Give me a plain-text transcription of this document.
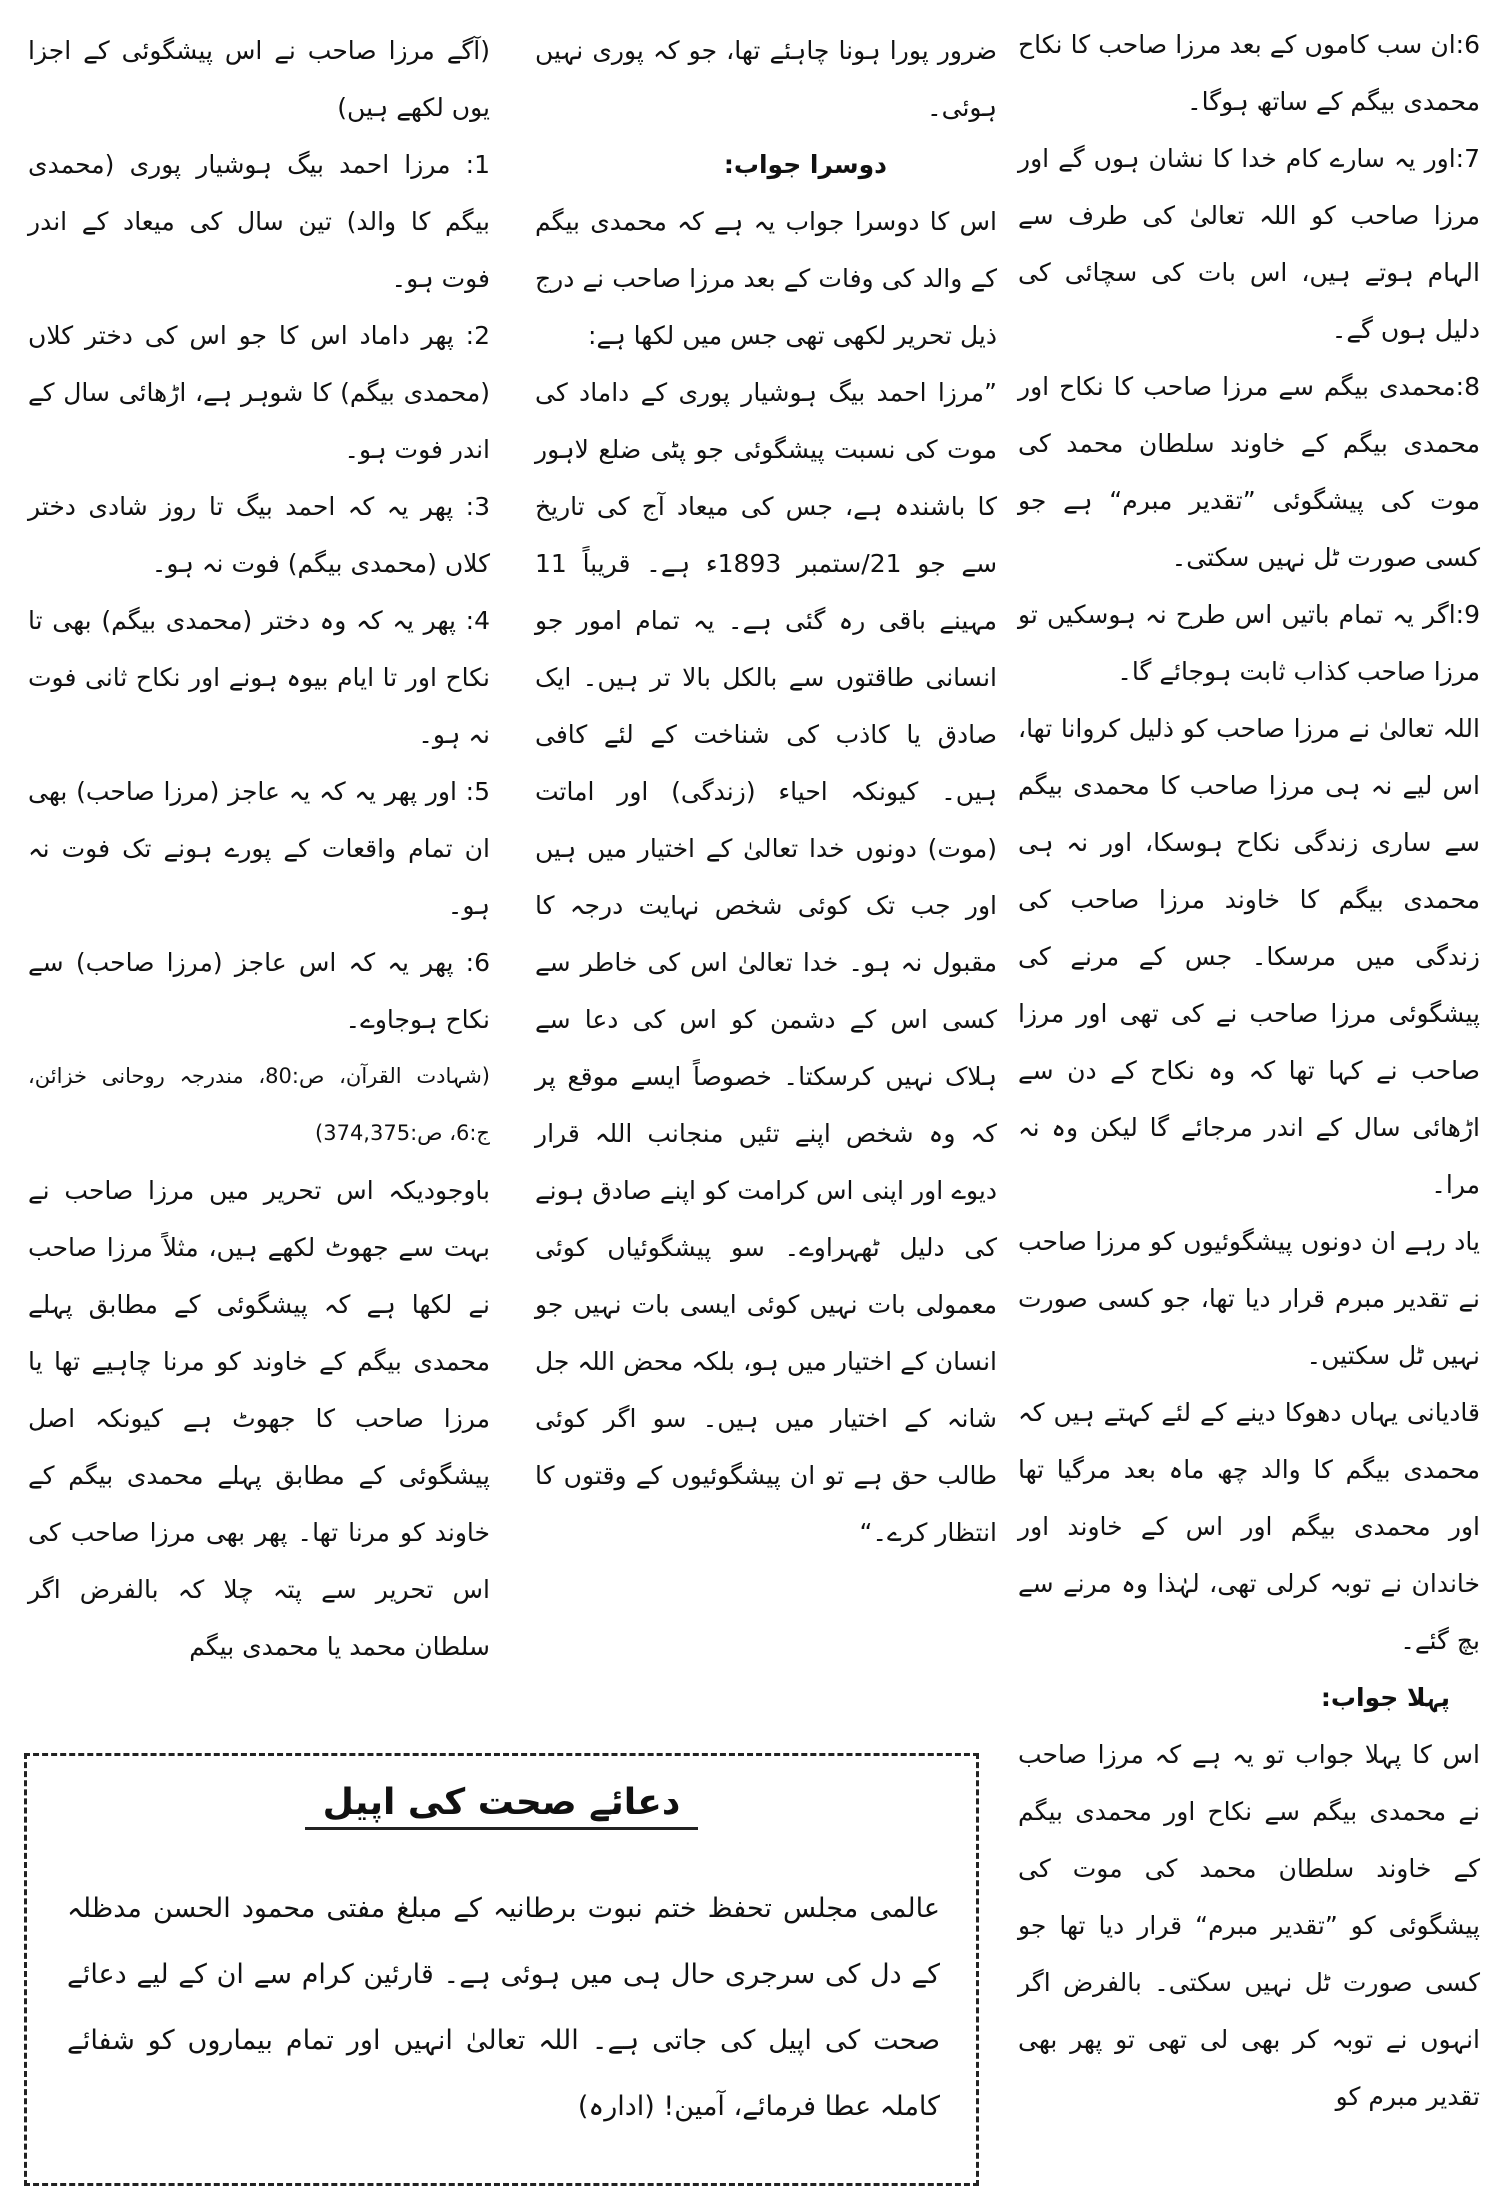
6:ان سب کاموں کے بعد مرزا صاحب کا نکاح محمدی بیگم کے ساتھ ہوگا۔

7:اور یہ سارے کام خدا کا نشان ہوں گے اور مرزا صاحب کو اللہ تعالیٰ کی طرف سے الہام ہوتے ہیں، اس بات کی سچائی کی دلیل ہوں گے۔

8:محمدی بیگم سے مرزا صاحب کا نکاح اور محمدی بیگم کے خاوند سلطان محمد کی موت کی پیشگوئی ”تقدیر مبرم“ ہے جو کسی صورت ٹل نہیں سکتی۔

9:اگر یہ تمام باتیں اس طرح نہ ہوسکیں تو مرزا صاحب کذاب ثابت ہوجائے گا۔

اللہ تعالیٰ نے مرزا صاحب کو ذلیل کروانا تھا، اس لیے نہ ہی مرزا صاحب کا محمدی بیگم سے ساری زندگی نکاح ہوسکا، اور نہ ہی محمدی بیگم کا خاوند مرزا صاحب کی زندگی میں مرسکا۔ جس کے مرنے کی پیشگوئی مرزا صاحب نے کی تھی اور مرزا صاحب نے کہا تھا کہ وہ نکاح کے دن سے اڑھائی سال کے اندر مرجائے گا لیکن وہ نہ مرا۔

یاد رہے ان دونوں پیشگوئیوں کو مرزا صاحب نے تقدیر مبرم قرار دیا تھا، جو کسی صورت نہیں ٹل سکتیں۔

قادیانی یہاں دھوکا دینے کے لئے کہتے ہیں کہ محمدی بیگم کا والد چھ ماہ بعد مرگیا تھا اور محمدی بیگم اور اس کے خاوند اور خاندان نے توبہ کرلی تھی، لہٰذا وہ مرنے سے بچ گئے۔

پہلا جواب:

اس کا پہلا جواب تو یہ ہے کہ مرزا صاحب نے محمدی بیگم سے نکاح اور محمدی بیگم کے خاوند سلطان محمد کی موت کی پیشگوئی کو ”تقدیر مبرم“ قرار دیا تھا جو کسی صورت ٹل نہیں سکتی۔ بالفرض اگر انہوں نے توبہ کر بھی لی تھی تو پھر بھی تقدیر مبرم کو

ضرور پورا ہونا چاہئے تھا، جو کہ پوری نہیں ہوئی۔

دوسرا جواب:

اس کا دوسرا جواب یہ ہے کہ محمدی بیگم کے والد کی وفات کے بعد مرزا صاحب نے درج ذیل تحریر لکھی تھی جس میں لکھا ہے:

”مرزا احمد بیگ ہوشیار پوری کے داماد کی موت کی نسبت پیشگوئی جو پٹی ضلع لاہور کا باشندہ ہے، جس کی میعاد آج کی تاریخ سے جو 21/ستمبر 1893ء ہے۔ قریباً 11 مہینے باقی رہ گئی ہے۔ یہ تمام امور جو انسانی طاقتوں سے بالکل بالا تر ہیں۔ ایک صادق یا کاذب کی شناخت کے لئے کافی ہیں۔ کیونکہ احیاء (زندگی) اور اماتت (موت) دونوں خدا تعالیٰ کے اختیار میں ہیں اور جب تک کوئی شخص نہایت درجہ کا مقبول نہ ہو۔ خدا تعالیٰ اس کی خاطر سے کسی اس کے دشمن کو اس کی دعا سے ہلاک نہیں کرسکتا۔ خصوصاً ایسے موقع پر کہ وہ شخص اپنے تئیں منجانب اللہ قرار دیوے اور اپنی اس کرامت کو اپنے صادق ہونے کی دلیل ٹھہراوے۔ سو پیشگوئیاں کوئی معمولی بات نہیں کوئی ایسی بات نہیں جو انسان کے اختیار میں ہو، بلکہ محض اللہ جل شانہ کے اختیار میں ہیں۔ سو اگر کوئی طالب حق ہے تو ان پیشگوئیوں کے وقتوں کا انتظار کرے۔“

(آگے مرزا صاحب نے اس پیشگوئی کے اجزا یوں لکھے ہیں)

1: مرزا احمد بیگ ہوشیار پوری (محمدی بیگم کا والد) تین سال کی میعاد کے اندر فوت ہو۔

2: پھر داماد اس کا جو اس کی دختر کلاں (محمدی بیگم) کا شوہر ہے، اڑھائی سال کے اندر فوت ہو۔

3: پھر یہ کہ احمد بیگ تا روز شادی دختر کلاں (محمدی بیگم) فوت نہ ہو۔

4: پھر یہ کہ وہ دختر (محمدی بیگم) بھی تا نکاح اور تا ایام بیوہ ہونے اور نکاح ثانی فوت نہ ہو۔

5: اور پھر یہ کہ یہ عاجز (مرزا صاحب) بھی ان تمام واقعات کے پورے ہونے تک فوت نہ ہو۔

6: پھر یہ کہ اس عاجز (مرزا صاحب) سے نکاح ہوجاوے۔

(شہادت القرآن، ص:80، مندرجہ روحانی خزائن، ج:6، ص:374,375)

باوجودیکہ اس تحریر میں مرزا صاحب نے بہت سے جھوٹ لکھے ہیں، مثلاً مرزا صاحب نے لکھا ہے کہ پیشگوئی کے مطابق پہلے محمدی بیگم کے خاوند کو مرنا چاہیے تھا یا مرزا صاحب کا جھوٹ ہے کیونکہ اصل پیشگوئی کے مطابق پہلے محمدی بیگم کے خاوند کو مرنا تھا۔ پھر بھی مرزا صاحب کی اس تحریر سے پتہ چلا کہ بالفرض اگر سلطان محمد یا محمدی بیگم

دعائے صحت کی اپیل

عالمی مجلس تحفظ ختم نبوت برطانیہ کے مبلغ مفتی محمود الحسن مدظلہ کے دل کی سرجری حال ہی میں ہوئی ہے۔ قارئین کرام سے ان کے لیے دعائے صحت کی اپیل کی جاتی ہے۔ اللہ تعالیٰ انہیں اور تمام بیماروں کو شفائے کاملہ عطا فرمائے، آمین! (ادارہ)
